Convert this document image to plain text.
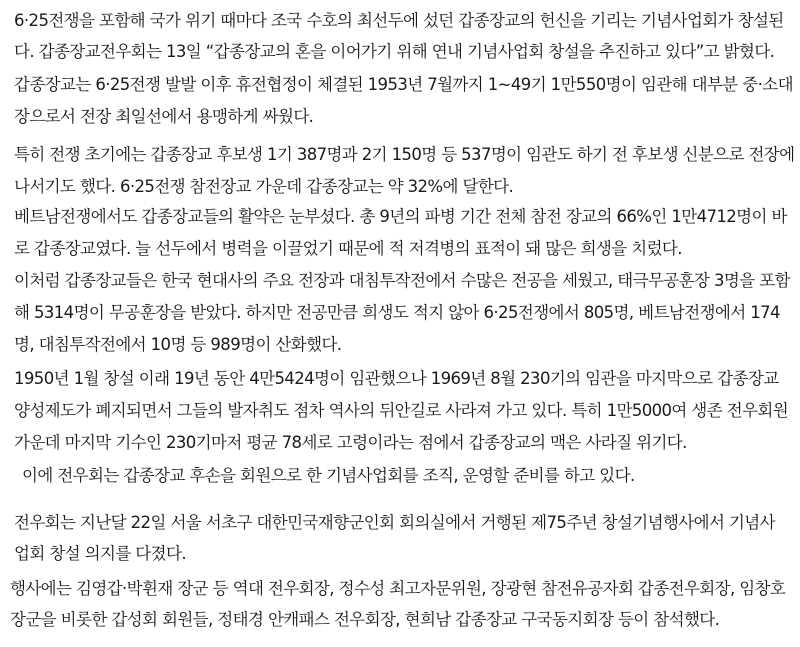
6·25전쟁을 포함해 국가 위기 때마다 조국 수호의 최선두에 섰던 갑종장교의 헌신을 기리는 기념사업회가 창설된
다. 갑종장교전우회는 13일 “갑종장교의 혼을 이어가기 위해 연내 기념사업회 창설을 추진하고 있다”고 밝혔다.
갑종장교는 6·25전쟁 발발 이후 휴전협정이 체결된 1953년 7월까지 1~49기 1만550명이 임관해 대부분 중·소대
장으로서 전장 최일선에서 용맹하게 싸웠다.
특히 전쟁 초기에는 갑종장교 후보생 1기 387명과 2기 150명 등 537명이 임관도 하기 전 후보생 신분으로 전장에
나서기도 했다. 6·25전쟁 참전장교 가운데 갑종장교는 약 32%에 달한다.
베트남전쟁에서도 갑종장교들의 활약은 눈부셨다. 총 9년의 파병 기간 전체 참전 장교의 66%인 1만4712명이 바
로 갑종장교였다. 늘 선두에서 병력을 이끌었기 때문에 적 저격병의 표적이 돼 많은 희생을 치렀다.
이처럼 갑종장교들은 한국 현대사의 주요 전장과 대침투작전에서 수많은 전공을 세웠고, 태극무공훈장 3명을 포함
해 5314명이 무공훈장을 받았다. 하지만 전공만큼 희생도 적지 않아 6·25전쟁에서 805명, 베트남전쟁에서 174
명, 대침투작전에서 10명 등 989명이 산화했다.
1950년 1월 창설 이래 19년 동안 4만5424명이 임관했으나 1969년 8월 230기의 임관을 마지막으로 갑종장교
양성제도가 폐지되면서 그들의 발자취도 점차 역사의 뒤안길로 사라져 가고 있다. 특히 1만5000여 생존 전우회원
가운데 마지막 기수인 230기마저 평균 78세로 고령이라는 점에서 갑종장교의 맥은 사라질 위기다.
이에 전우회는 갑종장교 후손을 회원으로 한 기념사업회를 조직, 운영할 준비를 하고 있다.
전우회는 지난달 22일 서울 서초구 대한민국재향군인회 회의실에서 거행된 제75주년 창설기념행사에서 기념사
업회 창설 의지를 다졌다.
행사에는 김영갑·박휜재 장군 등 역대 전우회장, 정수성 최고자문위원, 장광현 참전유공자회 갑종전우회장, 임창호
장군을 비롯한 갑성회 회원들, 정태경 안캐패스 전우회장, 현희남 갑종장교 구국동지회장 등이 참석했다.
